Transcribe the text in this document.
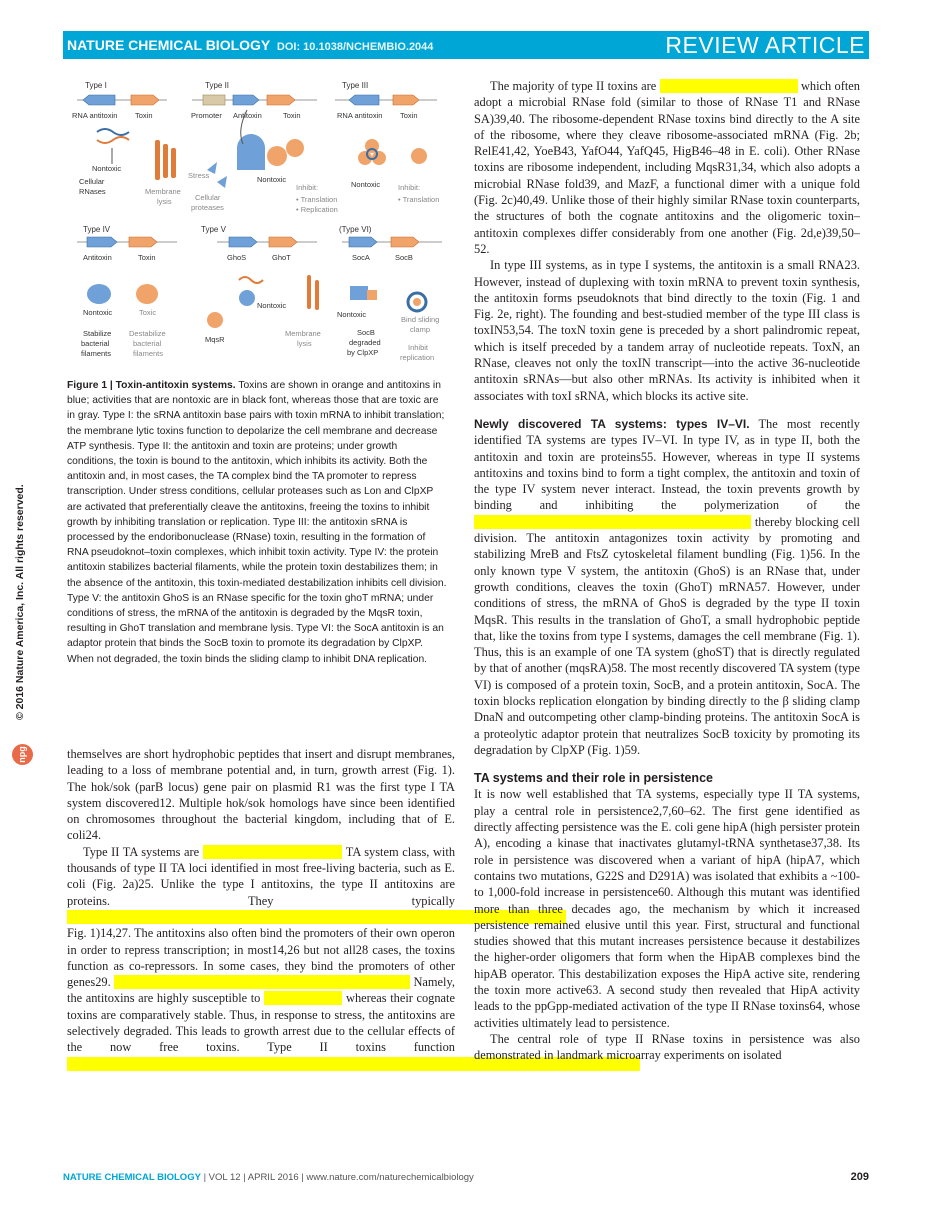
NATURE CHEMICAL BIOLOGY DOI: 10.1038/NCHEMBIO.2044	REVIEW ARTICLE
© 2016 Nature America, Inc. All rights reserved.
npg
Type I	Type II	Type III
Type IV	Type V	(Type VI)
RNA antitoxin Toxin
Nontoxic
Cellular
RNases	Membrane
lysis
Promoter Antitoxin	Toxin
Stress	Nontoxic
Cellular
proteases
Inhibit:
• Translation
• Replication
RNA antitoxin Toxin
Nontoxic Inhibit:
• Translation
Antitoxin	Toxin
Nontoxic	Toxic
Stabilize
bacterial
filaments
Destabilize
bacterial
filaments
GhoS	GhoT
Nontoxic
MqsR
Membrane
lysis
SocA	SocB
Nontoxic
SocB
degraded
by ClpXP
Bind sliding
clamp
Inhibit
replication
Figure 1 | Toxin-antitoxin systems. Toxins are shown in orange and antitoxins in blue; activities that are nontoxic are in black font, whereas those that are toxic are in gray. Type I: the sRNA antitoxin base pairs with toxin mRNA to inhibit translation; the membrane lytic toxins function to depolarize the cell membrane and decrease ATP synthesis. Type II: the antitoxin and toxin are proteins; under growth conditions, the toxin is bound to the antitoxin, which inhibits its activity. Both the antitoxin and, in most cases, the TA complex bind the TA promoter to repress transcription. Under stress conditions, cellular proteases such as Lon and ClpXP are activated that preferentially cleave the antitoxins, freeing the toxins to inhibit growth by inhibiting translation or replication. Type III: the antitoxin sRNA is processed by the endoribonuclease (RNase) toxin, resulting in the formation of RNA pseudoknot–toxin complexes, which inhibit toxin activity. Type IV: the protein antitoxin stabilizes bacterial filaments, while the protein toxin destabilizes them; in the absence of the antitoxin, this toxin-mediated destabilization inhibits cell division. Type V: the antitoxin GhoS is an RNase specific for the toxin ghoT mRNA; under conditions of stress, the mRNA of the antitoxin is degraded by the MqsR toxin, resulting in GhoT translation and membrane lysis. Type VI: the SocA antitoxin is an adaptor protein that binds the SocB toxin to promote its degradation by ClpXP. When not degraded, the toxin binds the sliding clamp to inhibit DNA replication.

themselves are short hydrophobic peptides that insert and disrupt membranes, leading to a loss of membrane potential and, in turn, growth arrest (Fig. 1). The hok/sok (parB locus) gene pair on plasmid R1 was the first type I TA system discovered12. Multiple hok/sok homologs have since been identified on chromosomes throughout the bacterial kingdom, including that of E. coli24.

Type II TA systems are	TA system class, with thousands of type II TA loci identified in most free-living bacteria, such as E. coli (Fig. 2a)25. Unlike the type I antitoxins, the type II antitoxins are proteins. They typically                                                                                                                                                                   Fig. 1)14,27. The antitoxins also often bind the promoters of their own operon in order to repress transcription; in most14,26 but not all28 cases, the toxins function as co-repressors. In some cases, they bind the promoters of other genes29.	Namely, the antitoxins are highly susceptible to	whereas their cognate toxins are comparatively stable. Thus, in response to stress, the antitoxins are selectively degraded. This leads to growth arrest due to the cellular effects of the now free toxins. Type II toxins function

The majority of type II toxins are	which often adopt a microbial RNase fold (similar to those of RNase T1 and RNase SA)39,40. The ribosome-dependent RNase toxins bind directly to the A site of the ribosome, where they cleave ribosome-associated mRNA (Fig. 2b; RelE41,42, YoeB43, YafO44, YafQ45, HigB46–48 in E. coli). Other RNase toxins are ribosome independent, including MqsR31,34, which also adopts a microbial RNase fold39, and MazF, a functional dimer with a unique fold (Fig. 2c)40,49. Unlike those of their highly similar RNase toxin counterparts, the structures of both the cognate antitoxins and the oligomeric toxin–antitoxin complexes differ considerably from one another (Fig. 2d,e)39,50–52.

In type III systems, as in type I systems, the antitoxin is a small RNA23. However, instead of duplexing with toxin mRNA to prevent toxin synthesis, the antitoxin forms pseudoknots that bind directly to the toxin (Fig. 1 and Fig. 2e, right). The founding and best-studied member of the type III class is toxIN53,54. The toxN toxin gene is preceded by a short palindromic repeat, which is itself preceded by a tandem array of nucleotide repeats. ToxN, an RNase, cleaves not only the toxIN transcript—into the active 36-nucleotide antitoxin sRNAs—but also other mRNAs. Its activity is inhibited when it associates with toxI sRNA, which blocks its active site.

Newly discovered TA systems: types IV–VI. The most recently identified TA systems are types IV–VI. In type IV, as in type II, both the antitoxin and toxin are proteins55. However, whereas in type II systems antitoxins and toxins bind to form a tight complex, the antitoxin and toxin of the type IV system never interact. Instead, the toxin prevents growth by binding and inhibiting the polymerization of the                                                                                    thereby blocking cell division. The antitoxin antagonizes toxin activity by promoting and stabilizing MreB and FtsZ cytoskeletal filament bundling (Fig. 1)56. In the only known type V system, the antitoxin (GhoS) is an RNase that, under growth conditions, cleaves the toxin (GhoT) mRNA57. However, under conditions of stress, the mRNA of GhoS is degraded by the type II toxin MqsR. This results in the translation of GhoT, a small hydrophobic peptide that, like the toxins from type I systems, damages the cell membrane (Fig. 1). Thus, this is an example of one TA system (ghoST) that is directly regulated by that of another (mqsRA)58. The most recently discovered TA system (type VI) is composed of a protein toxin, SocB, and a protein antitoxin, SocA. The toxin blocks replication elongation by binding directly to the β sliding clamp DnaN and outcompeting other clamp-binding proteins. The antitoxin SocA is a proteolytic adaptor protein that neutralizes SocB toxicity by promoting its degradation by ClpXP (Fig. 1)59.

TA systems and their role in persistence

It is now well established that TA systems, especially type II TA systems, play a central role in persistence2,7,60–62. The first gene identified as directly affecting persistence was the E. coli gene hipA (high persister protein A), encoding a kinase that inactivates glutamyl-tRNA synthetase37,38. Its role in persistence was discovered when a variant of hipA (hipA7, which contains two mutations, G22S and D291A) was isolated that exhibits a ~100- to 1,000-fold increase in persistence60. Although this mutant was identified more than three decades ago, the mechanism by which it increased persistence remained elusive until this year. First, structural and functional studies showed that this mutant increases persistence because it destabilizes the higher-order oligomers that form when the HipAB complexes bind the hipAB operator. This destabilization exposes the HipA active site, rendering the toxin more active63. A second study then revealed that HipA activity leads to the ppGpp-mediated activation of the type II RNase toxins64, whose activities ultimately lead to persistence.

The central role of type II RNase toxins in persistence was also demonstrated in landmark microarray experiments on isolated

NATURE CHEMICAL BIOLOGY | VOL 12 | APRIL 2016 | www.nature.com/naturechemicalbiology	209
